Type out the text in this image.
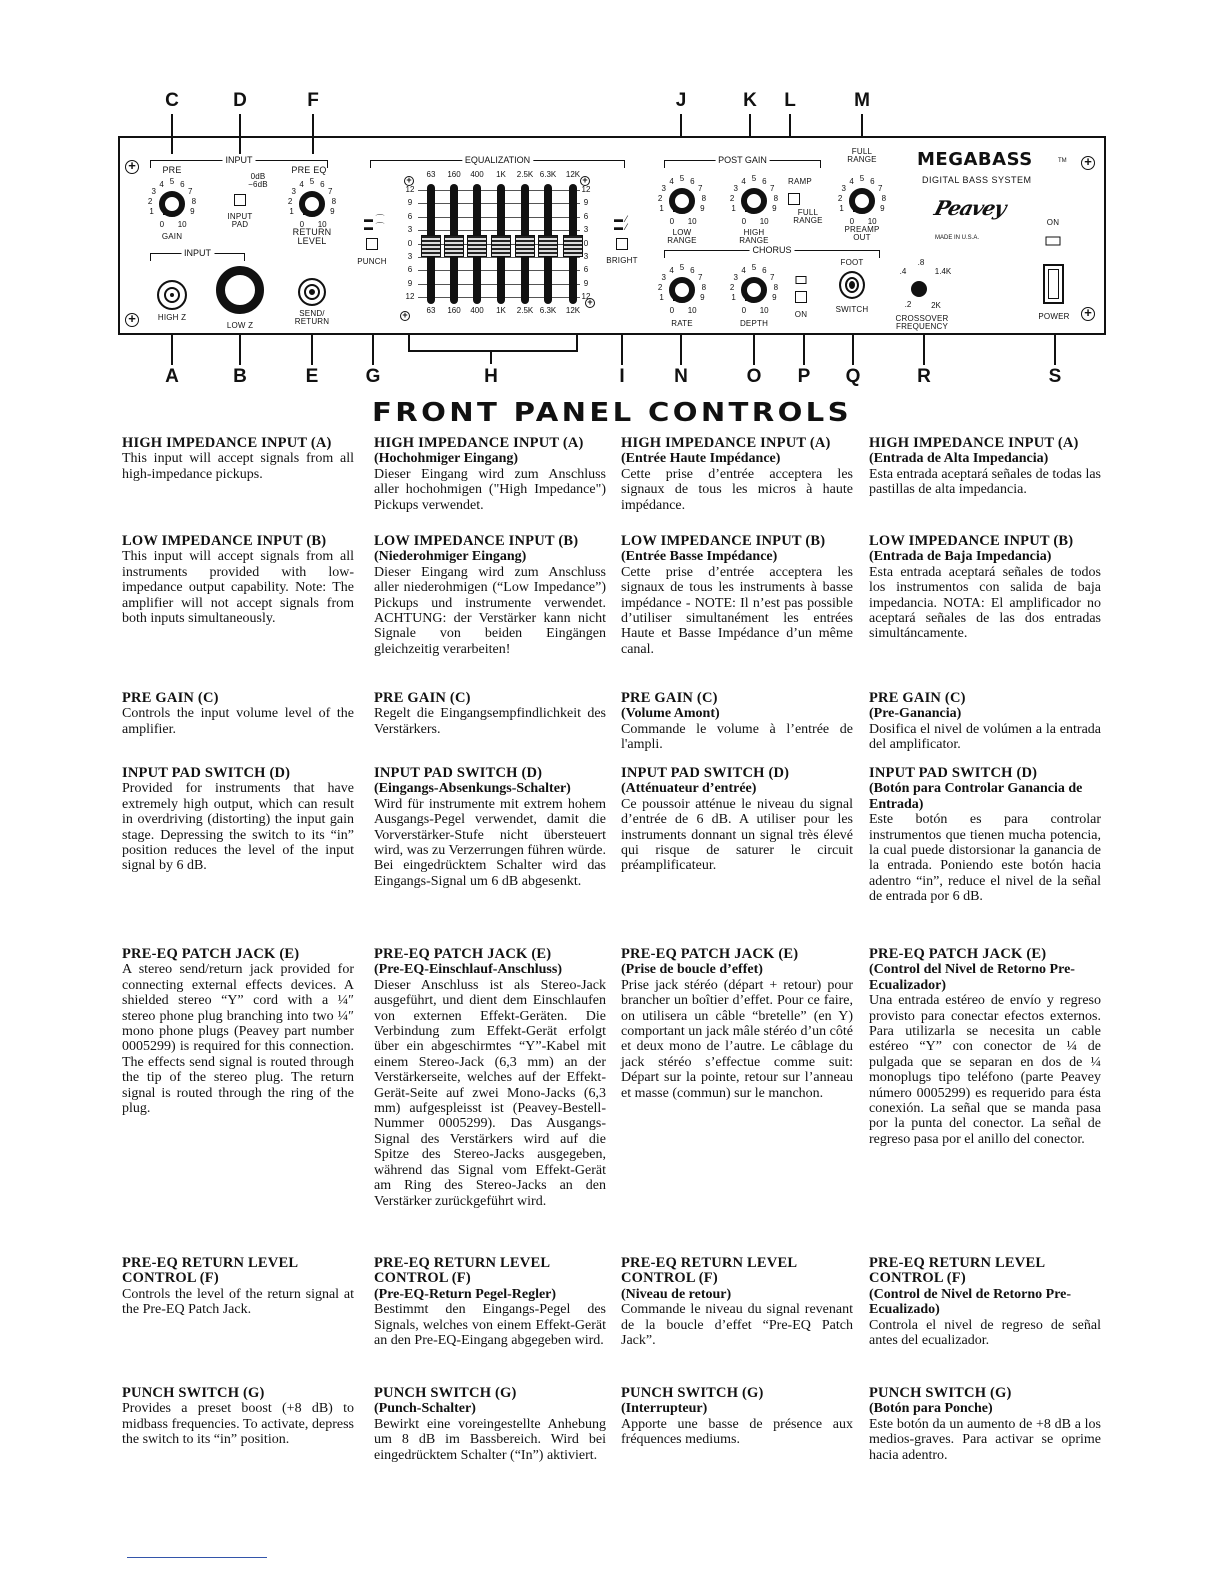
C	D	F	J	K	L	M
+
+
+
+
INPUT
PRE
GAIN
0dB
−6dB
INPUT
PAD
PRE EQ
RETURN
LEVEL
INPUT
HIGH Z
LOW Z
SEND/
RETURN
▬ ⌒
▬ ⌒
PUNCH
EQUALIZATION
12	12
9	9
6	6
3	3
0	0
3	3
6	6
9	9
12	12
63
63
160
160
400
400
1K
1K
2.5K
2.5K
6.3K
6.3K
12K
12K
+	+
+
+
▬ ⁄
▬ ⁄
BRIGHT
POST GAIN
LOW
RANGE
HIGH
RANGE
RAMP
FULL
RANGE
FULL
RANGE
PREAMP
OUT
CHORUS
RATE	DEPTH
ON
FOOT
SWITCH
.2
.4
.8
1.4K
2K
CROSSOVER
FREQUENCY
MEGABASS	TM
DIGITAL BASS SYSTEM
Peavey
MADE IN U.S.A.
ON
POWER
0
1
2
3
4 5 6
7
8
9
10	0
1
2
3
4 5 6
7
8
9
10	0
1
2
3
4 5 6
7
8
9
10	0
1
2
3
4 5 6
7
8
9
10	0
1
2
3
4 5 6
7
8
9
10
0
1
2
3
4 5 6
7
8
9
10	0
1
2
3
4 5 6
7
8
9
10
A	B	E G	H	I	N	O P Q	R	S
FRONT PANEL CONTROLS
HIGH IMPEDANCE INPUT (A)
This input will accept signals from all high-impedance pickups.
HIGH IMPEDANCE INPUT (A)
(Hochohmiger Eingang)
Dieser Eingang wird zum Anschluss aller hochohmigen ("High Impedance") Pickups verwendet.
HIGH IMPEDANCE INPUT (A)
(Entrée Haute Impédance)
Cette prise d’entrée acceptera les signaux de tous les micros à haute impédance.
HIGH IMPEDANCE INPUT (A)
(Entrada de Alta Impedancia)
Esta entrada aceptará señales de todas las pastillas de alta impedancia.
LOW IMPEDANCE INPUT (B)
This input will accept signals from all instruments provided with low-impedance output capability. Note: The amplifier will not accept signals from both inputs simultaneously.
LOW IMPEDANCE INPUT (B)
(Niederohmiger Eingang)
Dieser Eingang wird zum Anschluss aller niederohmigen (“Low Impedance”) Pickups und instrumente verwendet. ACHTUNG: der Verstärker kann nicht Signale von beiden Eingängen gleichzeitig verarbeiten!
LOW IMPEDANCE INPUT (B)
(Entrée Basse Impédance)
Cette prise d’entrée acceptera les signaux de tous les instruments à basse impédance - NOTE: Il n’est pas possible d’utiliser simultanément les entrées Haute et Basse Impédance d’un même canal.
LOW IMPEDANCE INPUT (B)
(Entrada de Baja Impedancia)
Esta entrada aceptará señales de todos los instrumentos con salida de baja impedancia. NOTA: El amplificador no aceptará señales de las dos entradas simultáncamente.
PRE GAIN (C)
Controls the input volume level of the amplifier.
PRE GAIN (C)
Regelt die Eingangsempfindlichkeit des Verstärkers.
PRE GAIN (C)
(Volume Amont)
Commande le volume à l’entrée de l'ampli.
PRE GAIN (C)
(Pre-Ganancia)
Dosifica el nivel de volúmen a la entrada del amplificator.
INPUT PAD SWITCH (D)
Provided for instruments that have extremely high output, which can result in overdriving (distorting) the input gain stage. Depressing the switch to its “in” position reduces the level of the input signal by 6 dB.
INPUT PAD SWITCH (D)
(Eingangs-Absenkungs-Schalter)
Wird für instrumente mit extrem hohem Ausgangs-Pegel verwendet, damit die Vorverstärker-Stufe nicht übersteuert wird, was zu Verzerrungen führen würde. Bei eingedrücktem Schalter wird das Eingangs-Signal um 6 dB abgesenkt.
INPUT PAD SWITCH (D)
(Atténuateur d’entrée)
Ce poussoir atténue le niveau du signal d’entrée de 6 dB. A utiliser pour les instruments donnant un signal très élevé qui risque de saturer le circuit préamplificateur.
INPUT PAD SWITCH (D)
(Botón para Controlar Ganancia de Entrada)
Este botón es para controlar instrumentos que tienen mucha potencia, la cual puede distorsionar la ganancia de la entrada. Poniendo este botón hacia adentro “in”, reduce el nivel de la señal de entrada por 6 dB.
PRE-EQ PATCH JACK (E)
A stereo send/return jack provided for connecting external effects devices. A shielded stereo “Y” cord with a ¼″ stereo phone plug branching into two ¼″ mono phone plugs (Peavey part number 0005299) is required for this connection. The effects send signal is routed through the tip of the stereo plug. The return signal is routed through the ring of the plug.
PRE-EQ PATCH JACK (E)
(Pre-EQ-Einschlauf-Anschluss)
Dieser Anschluss ist als Stereo-Jack ausgeführt, und dient dem Einschlaufen von externen Effekt-Geräten. Die Verbindung zum Effekt-Gerät erfolgt über ein abgeschirmtes “Y”-Kabel mit einem Stereo-Jack (6,3 mm) an der Verstärkerseite, welches auf der Effekt-Gerät-Seite auf zwei Mono-Jacks (6,3 mm) aufgespleisst ist (Peavey-Bestell-Nummer 0005299). Das Ausgangs-Signal des Verstärkers wird auf die Spitze des Stereo-Jacks ausgegeben, während das Signal vom Effekt-Gerät am Ring des Stereo-Jacks an den Verstärker zurückgeführt wird.
PRE-EQ PATCH JACK (E)
(Prise de boucle d’effet)
Prise jack stéréo (départ + retour) pour brancher un boîtier d’effet. Pour ce faire, on utilisera un câble “bretelle” (en Y) comportant un jack mâle stéréo d’un côté et deux mono de l’autre. Le câblage du jack stéréo s’effectue comme suit: Départ sur la pointe, retour sur l’anneau et masse (commun) sur le manchon.
PRE-EQ PATCH JACK (E)
(Control del Nivel de Retorno Pre-Ecualizador)
Una entrada estéreo de envío y regreso provisto para conectar efectos externos. Para utilizarla se necesita un cable estéreo “Y” con conector de ¼ de pulgada que se separan en dos de ¼ monoplugs tipo teléfono (parte Peavey número 0005299) es requerido para ésta conexión. La señal que se manda pasa por la punta del conector. La señal de regreso pasa por el anillo del conector.
PRE-EQ RETURN LEVEL
CONTROL (F)
Controls the level of the return signal at the Pre-EQ Patch Jack.
PRE-EQ RETURN LEVEL
CONTROL (F)
(Pre-EQ-Return Pegel-Regler)
Bestimmt den Eingangs-Pegel des Signals, welches von einem Effekt-Gerät an den Pre-EQ-Eingang abgegeben wird.
PRE-EQ RETURN LEVEL
CONTROL (F)
(Niveau de retour)
Commande le niveau du signal revenant de la boucle d’effet “Pre-EQ Patch Jack”.
PRE-EQ RETURN LEVEL
CONTROL (F)
(Control de Nivel de Retorno Pre-Ecualizado)
Controla el nivel de regreso de señal antes del ecualizador.
PUNCH SWITCH (G)
Provides a preset boost (+8 dB) to midbass frequencies. To activate, depress the switch to its “in” position.
PUNCH SWITCH (G)
(Punch-Schalter)
Bewirkt eine voreingestellte Anhebung um 8 dB im Bassbereich. Wird bei eingedrücktem Schalter (“In”) aktiviert.
PUNCH SWITCH (G)
(Interrupteur)
Apporte une basse de présence aux fréquences mediums.
PUNCH SWITCH (G)
(Botón para Ponche)
Este botón da un aumento de +8 dB a los medios-graves. Para activar se oprime hacia adentro.
